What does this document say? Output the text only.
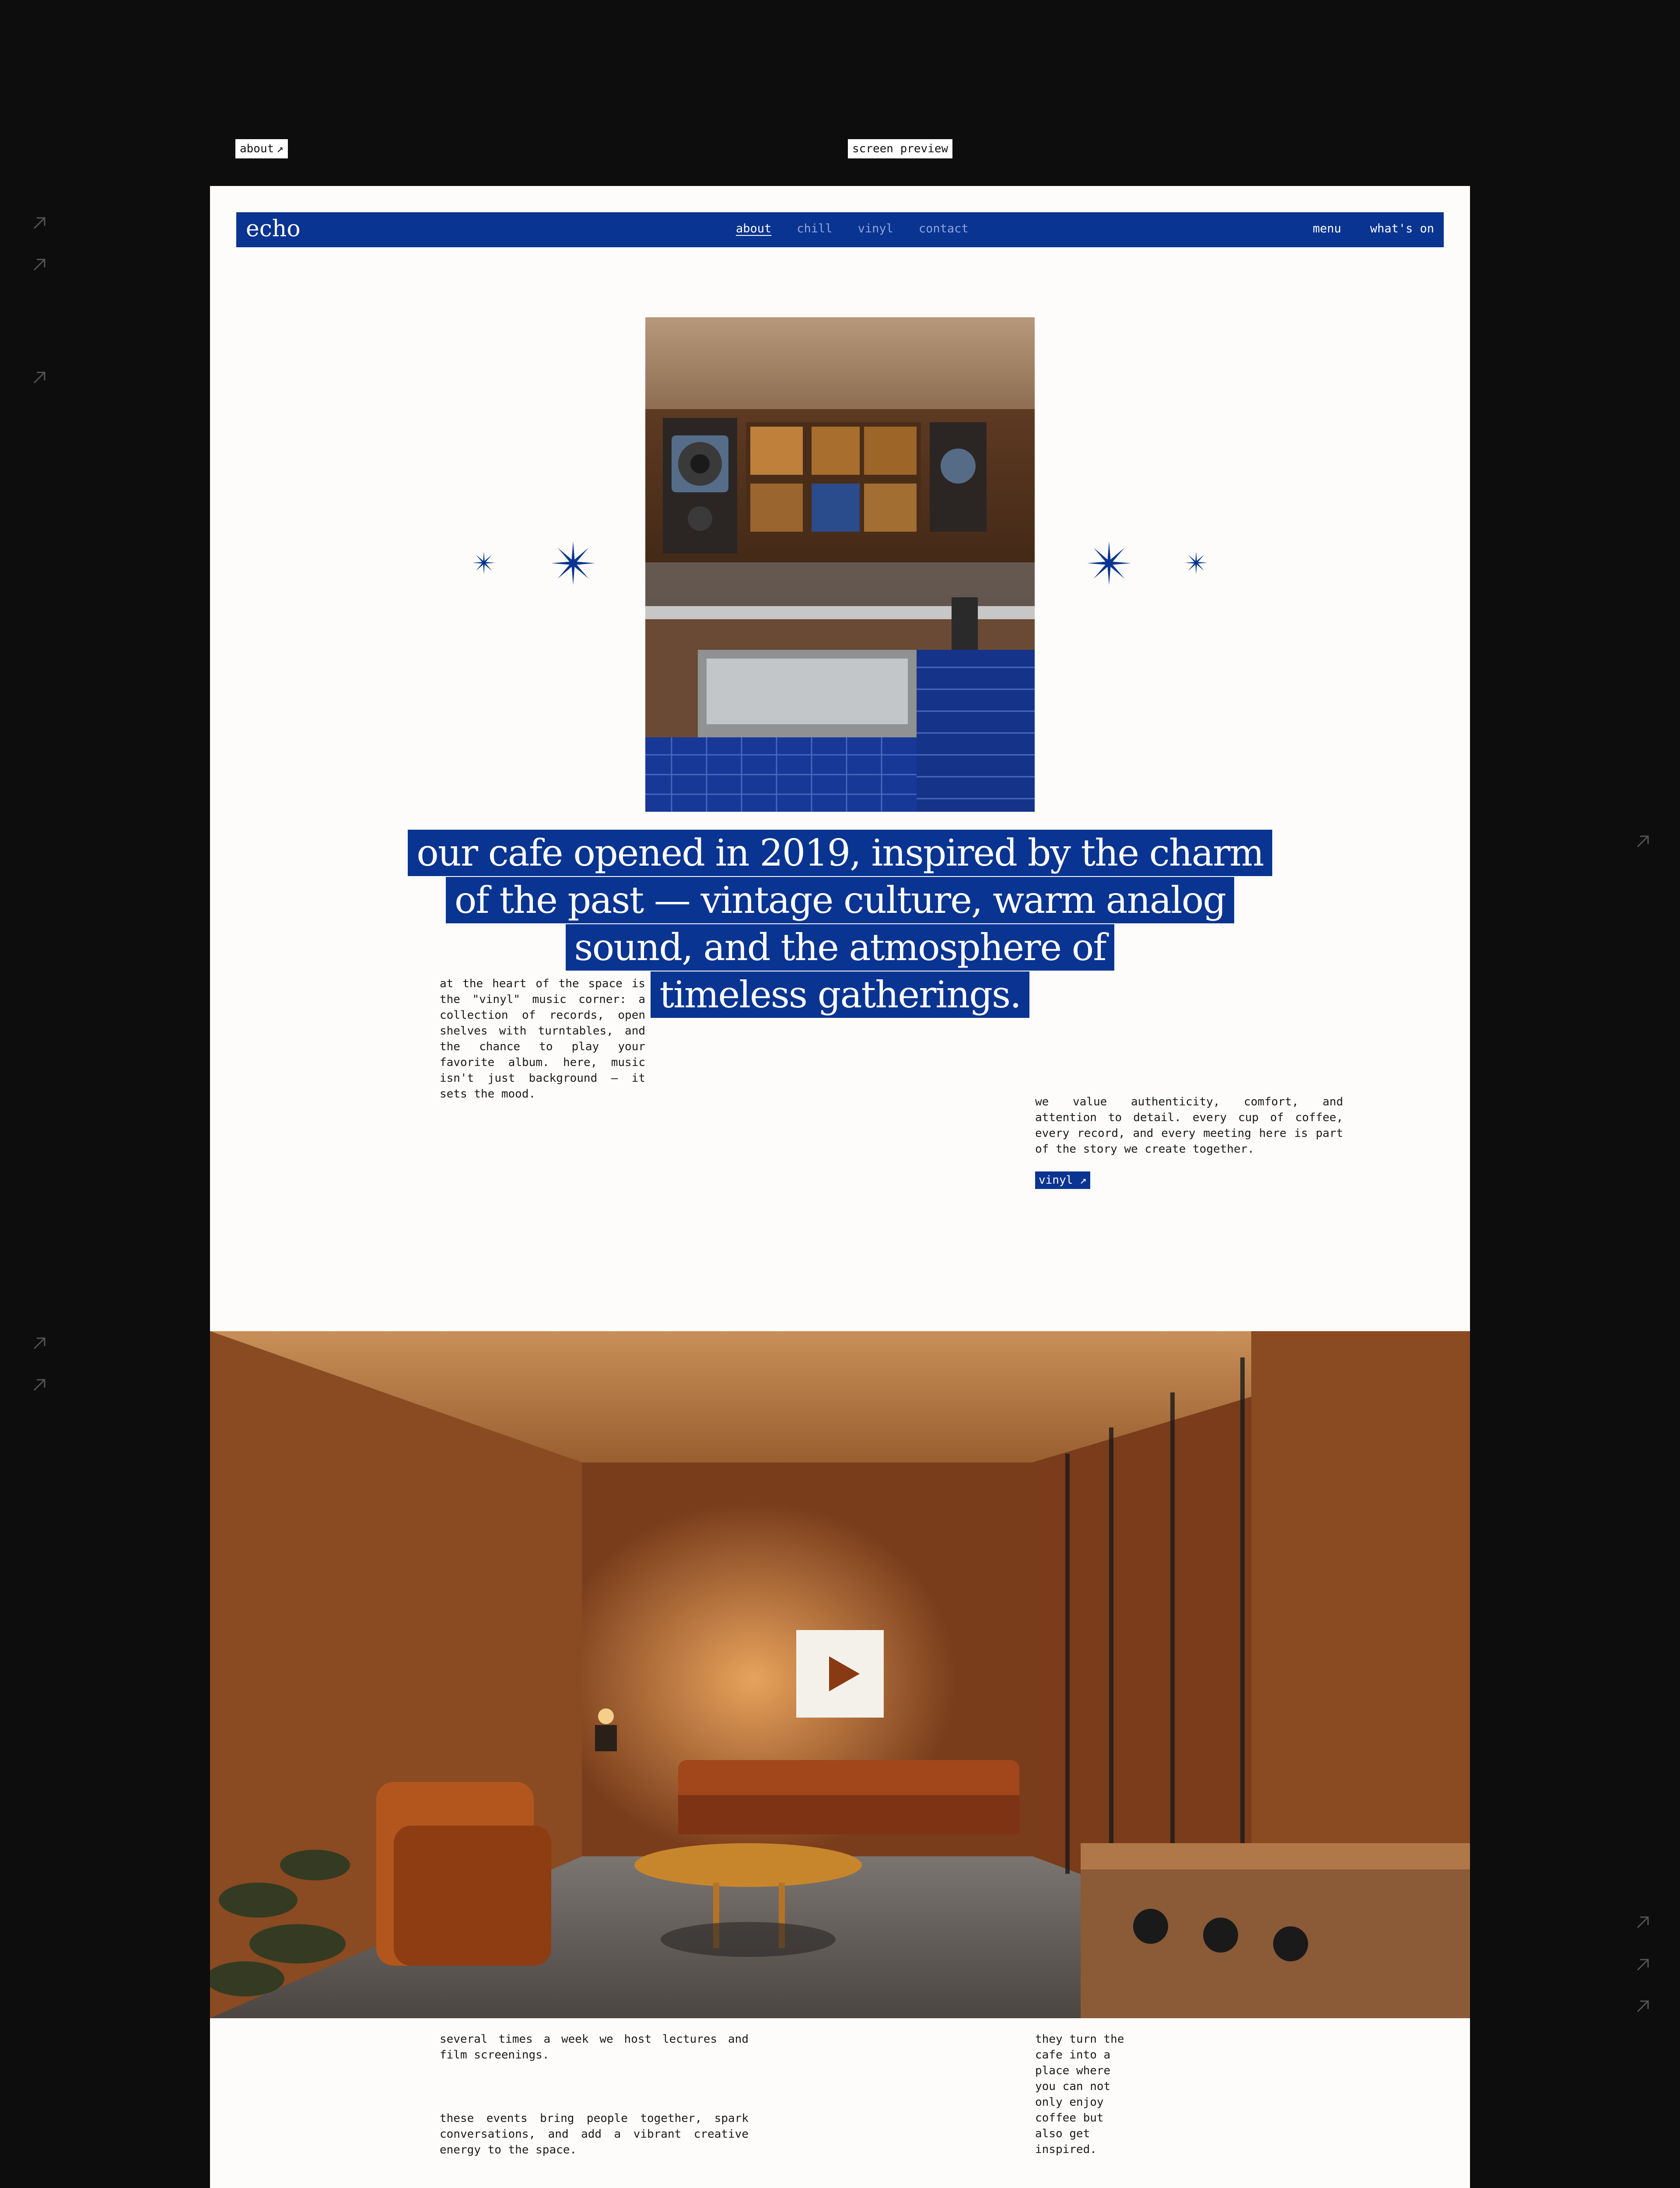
about ↗	screen preview
echo	about chill vinyl contact	menu what's on
our cafe opened in 2019, inspired by the charm
of the past — vintage culture, warm analog
sound, and the atmosphere of
timeless gatherings.
at the heart of the space is the "vinyl" music corner: a collection of records, open shelves with turntables, and the chance to play your favorite album. here, music isn't just background — it sets the mood.
we value authenticity, comfort, and attention to detail. every cup of coffee, every record, and every meeting here is part of the story we create together.
vinyl ↗
several times a week we host lectures and film screenings.
these events bring people together, spark conversations, and add a vibrant creative energy to the space.
they turn the cafe into a place where you can not only enjoy coffee but also get inspired.
